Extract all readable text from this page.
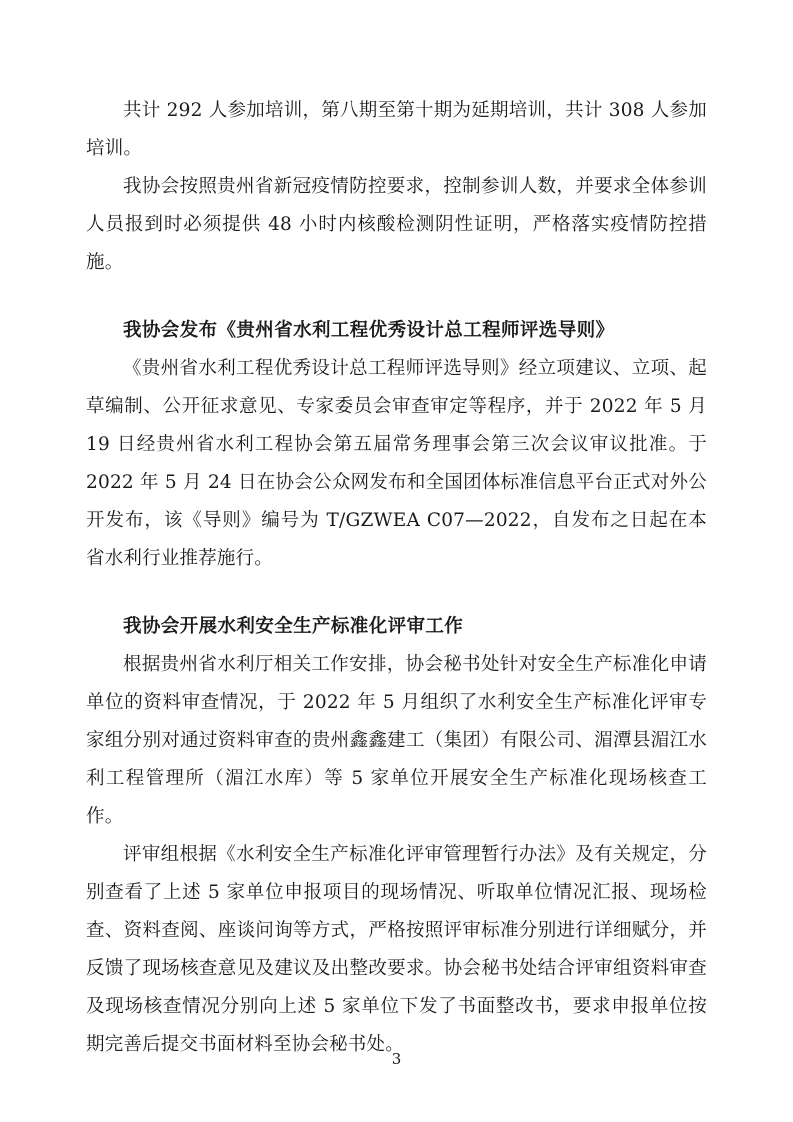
共计 292 人参加培训，第八期至第十期为延期培训，共计 308 人参加培训。

我协会按照贵州省新冠疫情防控要求，控制参训人数，并要求全体参训人员报到时必须提供 48 小时内核酸检测阴性证明，严格落实疫情防控措施。

我协会发布《贵州省水利工程优秀设计总工程师评选导则》

《贵州省水利工程优秀设计总工程师评选导则》经立项建议、立项、起草编制、公开征求意见、专家委员会审查审定等程序，并于 2022 年 5 月 19 日经贵州省水利工程协会第五届常务理事会第三次会议审议批准。于 2022 年 5 月 24 日在协会公众网发布和全国团体标准信息平台正式对外公开发布，该《导则》编号为 T/GZWEA C07—2022，自发布之日起在本省水利行业推荐施行。

我协会开展水利安全生产标准化评审工作

根据贵州省水利厅相关工作安排，协会秘书处针对安全生产标准化申请单位的资料审查情况，于 2022 年 5 月组织了水利安全生产标准化评审专家组分别对通过资料审查的贵州鑫鑫建工（集团）有限公司、湄潭县湄江水利工程管理所（湄江水库）等 5 家单位开展安全生产标准化现场核查工作。

评审组根据《水利安全生产标准化评审管理暂行办法》及有关规定，分别查看了上述 5 家单位申报项目的现场情况、听取单位情况汇报、现场检查、资料查阅、座谈问询等方式，严格按照评审标准分别进行详细赋分，并反馈了现场核查意见及建议及出整改要求。协会秘书处结合评审组资料审查及现场核查情况分别向上述 5 家单位下发了书面整改书，要求申报单位按期完善后提交书面材料至协会秘书处。

3
